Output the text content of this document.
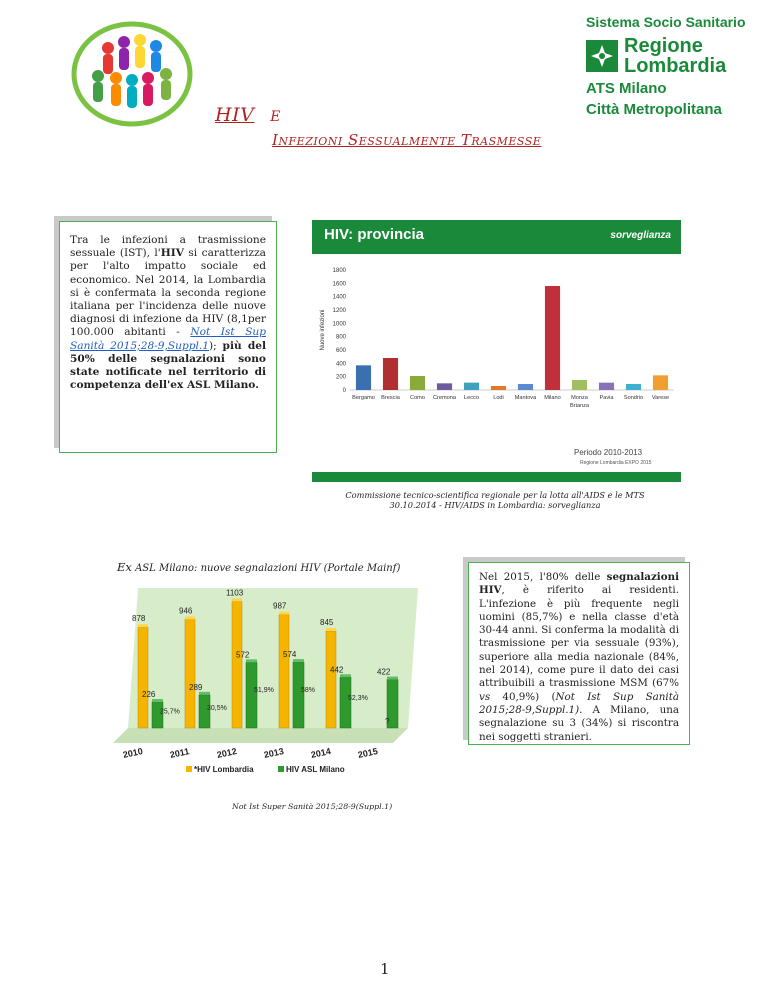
Sistema Socio Sanitario
Regione
Lombardia
ATS Milano
Città Metropolitana
HIV E
Infezioni Sessualmente Trasmesse

Tra le infezioni a trasmissione sessuale (IST), l'HIV si caratterizza per l'alto impatto sociale ed economico. Nel 2014, la Lombardia si è confermata la seconda regione italiana per l'incidenza delle nuove diagnosi di infezione da HIV (8,1per 100.000 abitanti - Not Ist Sup Sanità 2015;28-9,Suppl.1); più del 50% delle segnalazioni sono state notificate nel territorio di competenza dell'ex ASL Milano.

HIV: provincia	sorveglianza
Nuove infezioni
0
200
400
600
800
1000
1200
1400
1600
1800
Bergamo Brescia Como Cremona Lecco	Lodi Mantova Milano Monza
Brianza
Pavia Sondrio Varese
Periodo 2010-2013
Regione Lombardia EXPO 2015
Commissione tecnico-scientifica regionale per la lotta all'AIDS e le MTS
30.10.2014 - HIV/AIDS in Lombardia: sorveglianza
Ex ASL Milano: nuove segnalazioni HIV (Portale Mainf)
878
226
25,7%
2010
946
289
30,5%
2011
1103
572
51,9%
2012
987
574
58%
2013
845
442
52,3%
2014
?
422
2015
*HIV Lombardia	HIV ASL Milano
Not Ist Super Sanità 2015;28-9(Suppl.1)

Nel 2015, l'80% delle segnalazioni HIV, è riferito ai residenti. L'infezione è più frequente negli uomini (85,7%) e nella classe d'età 30-44 anni. Si conferma la modalità di trasmissione per via sessuale (93%), superiore alla media nazionale (84%, nel 2014), come pure il dato dei casi attribuibili a trasmissione MSM (67% vs 40,9%) (Not Ist Sup Sanità 2015;28-9,Suppl.1). A Milano, una segnalazione su 3 (34%) si riscontra nei soggetti stranieri.

1
